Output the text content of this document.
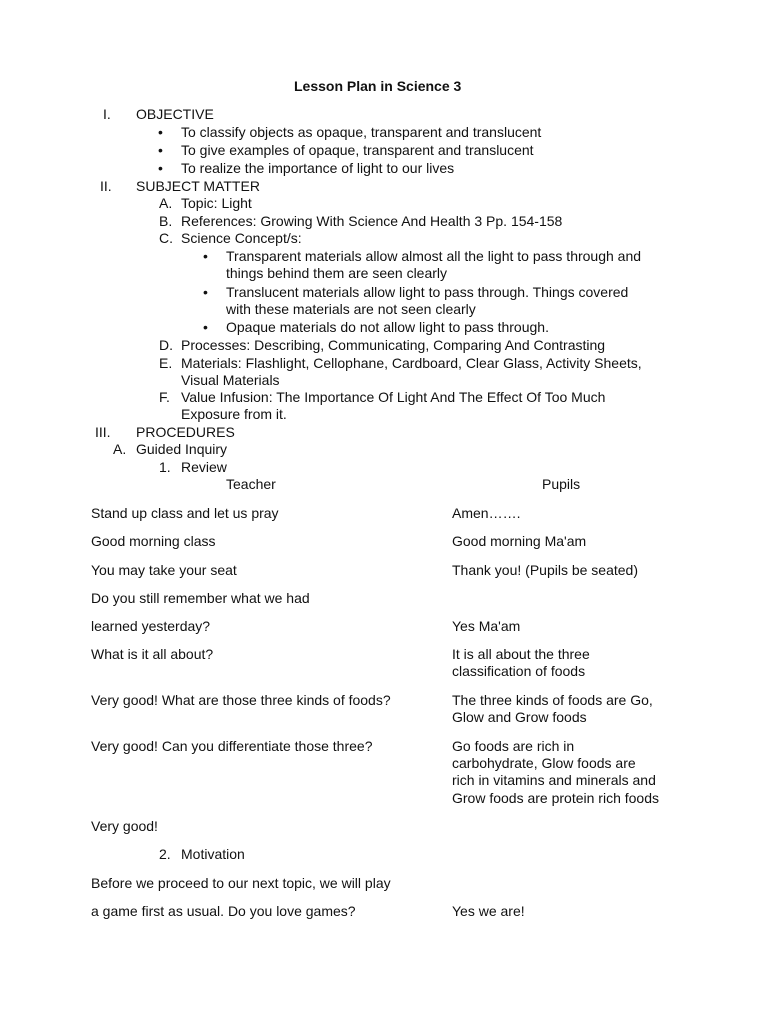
Lesson Plan in Science 3
I. OBJECTIVE
• To classify objects as opaque, transparent and translucent
• To give examples of opaque, transparent and translucent
• To realize the importance of light to our lives
II. SUBJECT MATTER
A. Topic: Light
B. References: Growing With Science And Health 3 Pp. 154-158
C. Science Concept/s:
• Transparent materials allow almost all the light to pass through and
things behind them are seen clearly
• Translucent materials allow light to pass through. Things covered
with these materials are not seen clearly
• Opaque materials do not allow light to pass through.
D. Processes: Describing, Communicating, Comparing And Contrasting
E. Materials: Flashlight, Cellophane, Cardboard, Clear Glass, Activity Sheets,
Visual Materials
F. Value Infusion: The Importance Of Light And The Effect Of Too Much
Exposure from it.
III. PROCEDURES
A. Guided Inquiry
1. Review
Teacher	Pupils
Stand up class and let us pray	Amen…….
Good morning class	Good morning Ma'am
You may take your seat	Thank you! (Pupils be seated)
Do you still remember what we had
learned yesterday?	Yes Ma'am
What is it all about?	It is all about the three
classification of foods
Very good! What are those three kinds of foods?	The three kinds of foods are Go,
Glow and Grow foods
Very good! Can you differentiate those three?	Go foods are rich in
carbohydrate, Glow foods are
rich in vitamins and minerals and
Grow foods are protein rich foods
Very good!
2. Motivation
Before we proceed to our next topic, we will play
a game first as usual. Do you love games?	Yes we are!
